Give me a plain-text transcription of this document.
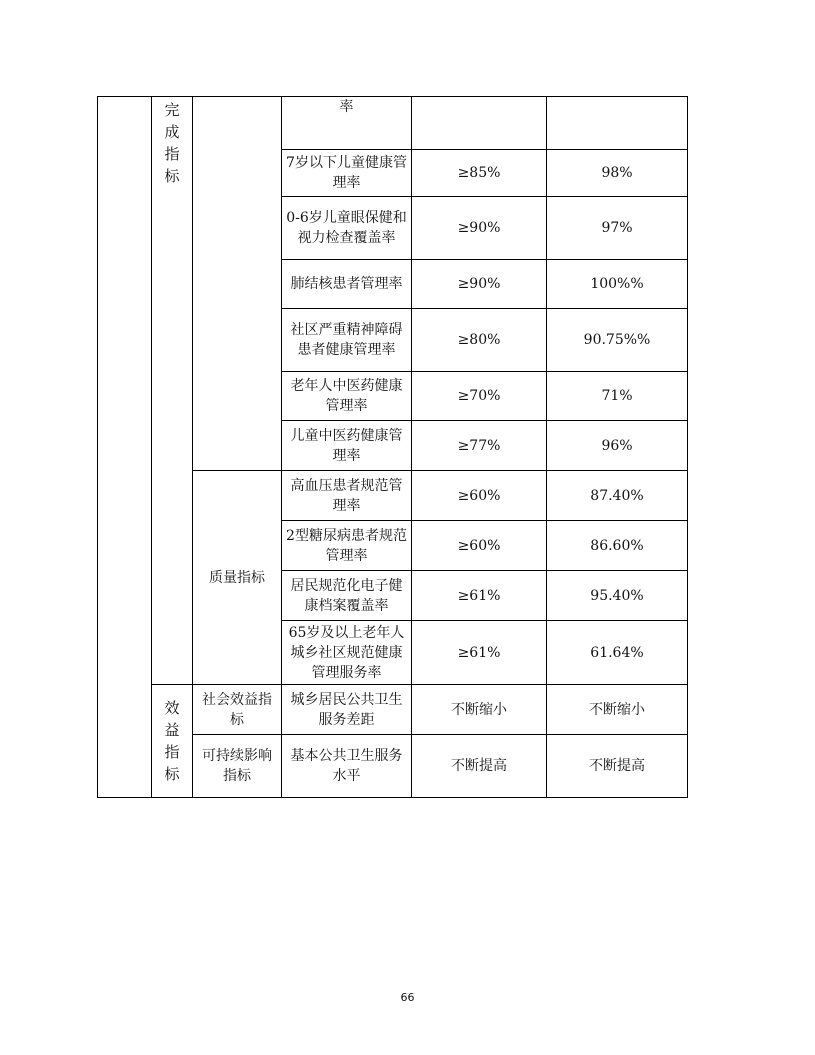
	完成指标		率		
			7岁以下儿童健康管理率	≥85%	98%
			0-6岁儿童眼保健和视力检查覆盖率	≥90%	97%
			肺结核患者管理率	≥90%	100%%
			社区严重精神障碍患者健康管理率	≥80%	90.75%%
			老年人中医药健康管理率	≥70%	71%
			儿童中医药健康管理率	≥77%	96%
		质量指标	高血压患者规范管理率	≥60%	87.40%
			2型糖尿病患者规范管理率	≥60%	86.60%
			居民规范化电子健康档案覆盖率	≥61%	95.40%
			65岁及以上老年人城乡社区规范健康管理服务率	≥61%	61.64%

	效益指标	社会效益指标	城乡居民公共卫生服务差距	不断缩小	不断缩小
		可持续影响指标	基本公共卫生服务水平	不断提高	不断提高
66
